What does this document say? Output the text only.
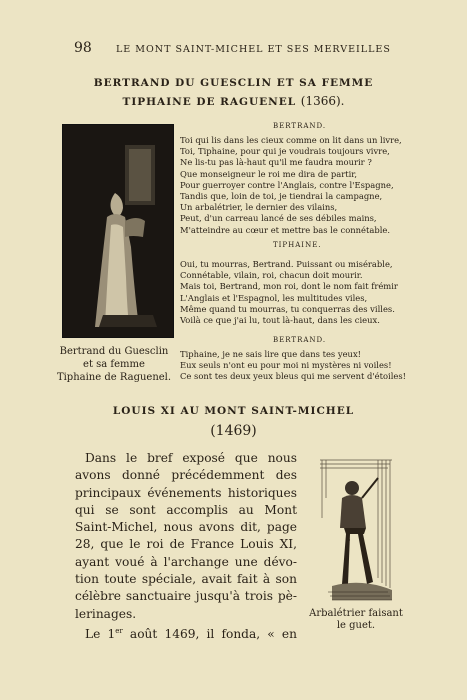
98	LE MONT SAINT-MICHEL ET SES MERVEILLES
BERTRAND DU GUESCLIN ET SA FEMME
TIPHAINE DE RAGUENEL (1366).
Bertrand du Guesclin
et sa femme
Tiphaine de Raguenel.
BERTRAND.
Toi qui lis dans les cieux comme on lit dans un livre,
Toi, Tiphaine, pour qui je voudrais toujours vivre,
Ne lis-tu pas là-haut qu'il me faudra mourir ?
Que monseigneur le roi me dira de partir,
Pour guerroyer contre l'Anglais, contre l'Espagne,
Tandis que, loin de toi, je tiendrai la campagne,
Un arbalétrier, le dernier des vilains,
Peut, d'un carreau lancé de ses débiles mains,
M'atteindre au cœur et mettre bas le connétable.
TIPHAINE.
Oui, tu mourras, Bertrand. Puissant ou misérable,
Connétable, vilain, roi, chacun doit mourir.
Mais toi, Bertrand, mon roi, dont le nom fait frémir
L'Anglais et l'Espagnol, les multitudes viles,
Même quand tu mourras, tu conquerras des villes.
Voilà ce que j'ai lu, tout là-haut, dans les cieux.
BERTRAND.
Tiphaine, je ne sais lire que dans tes yeux!
Eux seuls n'ont eu pour moi ni mystères ni voiles!
Ce sont tes deux yeux bleus qui me servent d'étoiles!
LOUIS XI AU MONT SAINT-MICHEL
(1469)
Dans le bref exposé que nous
avons donné précédemment des
principaux événements historiques
qui se sont accomplis au Mont
Saint-Michel, nous avons dit, page
28, que le roi de France Louis XI,
ayant voué à l'archange une dévo-
tion toute spéciale, avait fait à son
célèbre sanctuaire jusqu'à trois pè-
lerinages.
Le 1er août 1469, il fonda, « en
Arbalétrier faisant
le guet.
